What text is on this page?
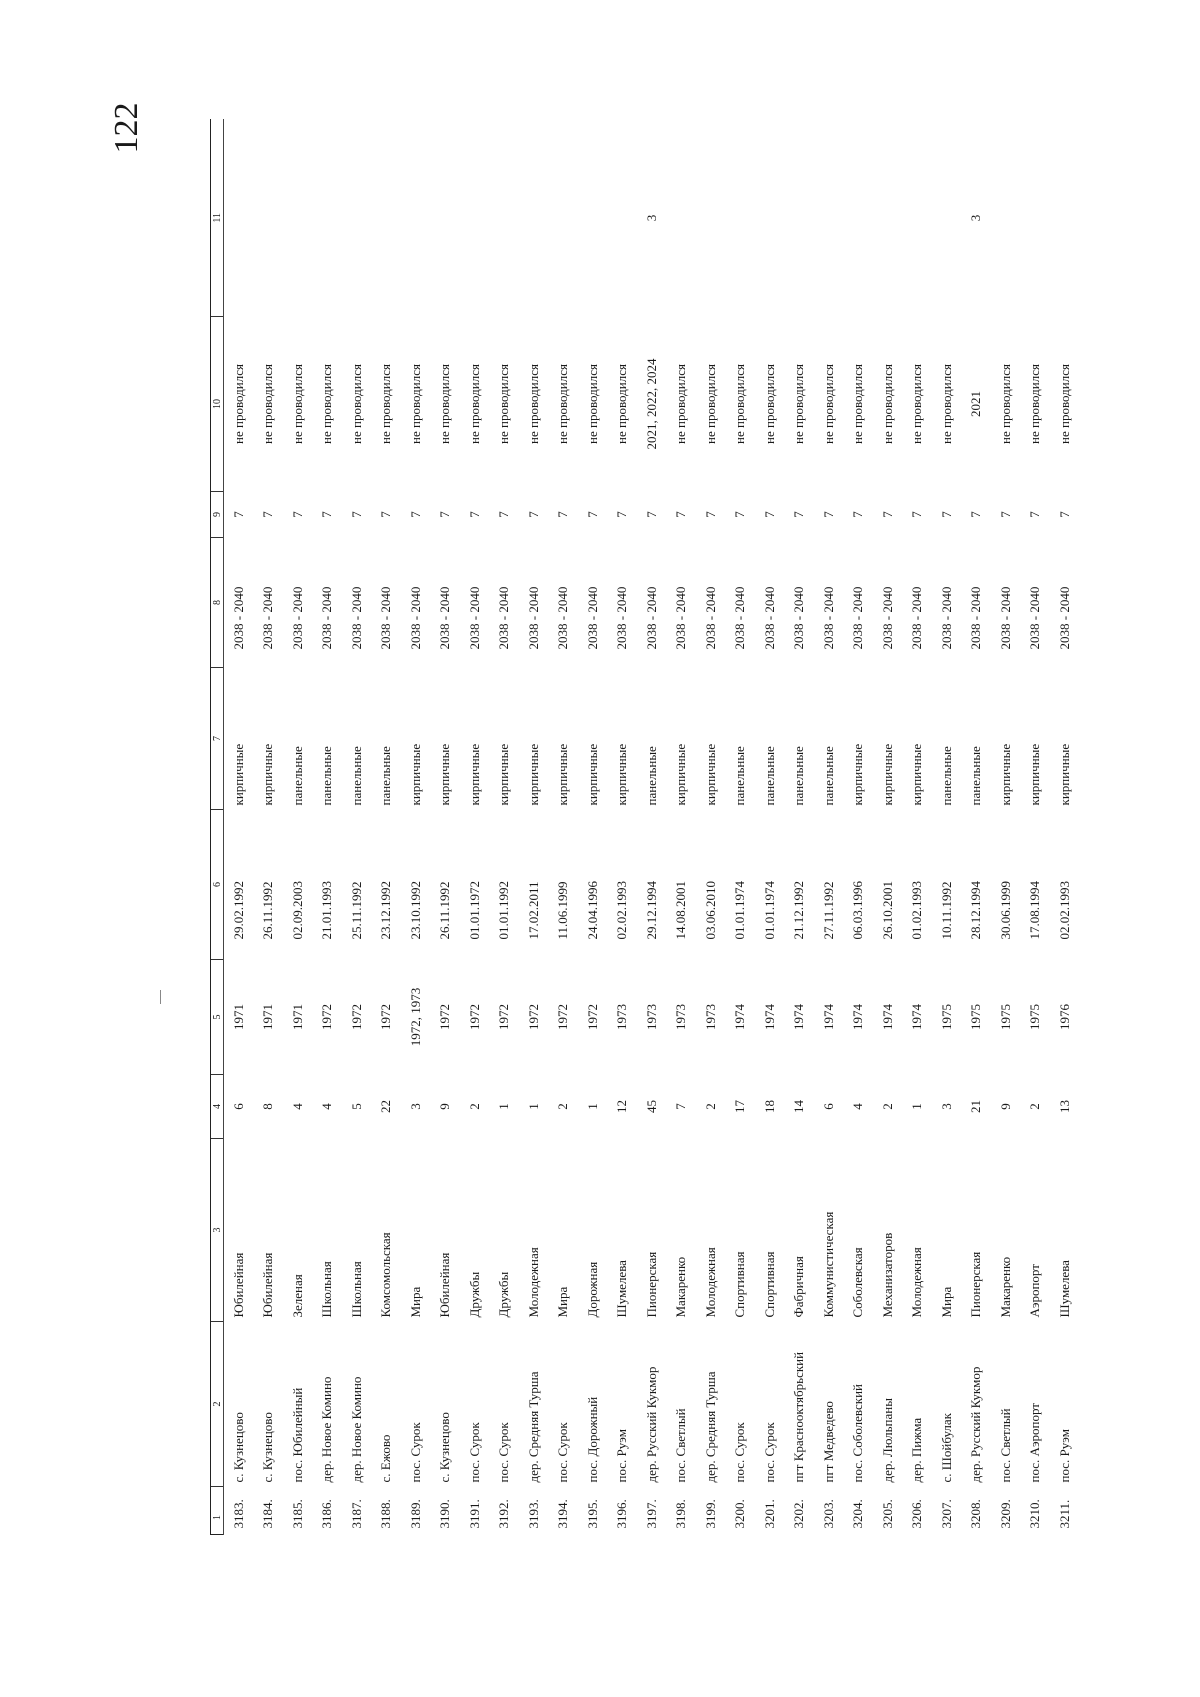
122
1	2	3	4	5	6	7	8	9	10	11
3183.	с. Кузнецово	Юбилейная	6	1971	29.02.1992	кирпичные	2038 - 2040	7	не проводился	
3184.	с. Кузнецово	Юбилейная	8	1971	26.11.1992	кирпичные	2038 - 2040	7	не проводился	
3185.	пос. Юбилейный	Зеленая	4	1971	02.09.2003	панельные	2038 - 2040	7	не проводился	
3186.	дер. Новое Комино	Школьная	4	1972	21.01.1993	панельные	2038 - 2040	7	не проводился	
3187.	дер. Новое Комино	Школьная	5	1972	25.11.1992	панельные	2038 - 2040	7	не проводился	
3188.	с. Ежово	Комсомольская	22	1972	23.12.1992	панельные	2038 - 2040	7	не проводился	
3189.	пос. Сурок	Мира	3	1972, 1973	23.10.1992	кирпичные	2038 - 2040	7	не проводился	
3190.	с. Кузнецово	Юбилейная	9	1972	26.11.1992	кирпичные	2038 - 2040	7	не проводился	
3191.	пос. Сурок	Дружбы	2	1972	01.01.1972	кирпичные	2038 - 2040	7	не проводился	
3192.	пос. Сурок	Дружбы	1	1972	01.01.1992	кирпичные	2038 - 2040	7	не проводился	
3193.	дер. Средняя Турша	Молодежная	1	1972	17.02.2011	кирпичные	2038 - 2040	7	не проводился	
3194.	пос. Сурок	Мира	2	1972	11.06.1999	кирпичные	2038 - 2040	7	не проводился	
3195.	пос. Дорожный	Дорожная	1	1972	24.04.1996	кирпичные	2038 - 2040	7	не проводился	
3196.	пос. Руэм	Шумелева	12	1973	02.02.1993	кирпичные	2038 - 2040	7	не проводился	
3197.	дер. Русский Кукмор	Пионерская	45	1973	29.12.1994	панельные	2038 - 2040	7	2021, 2022, 2024	3
3198.	пос. Светлый	Макаренко	7	1973	14.08.2001	кирпичные	2038 - 2040	7	не проводился	
3199.	дер. Средняя Турша	Молодежная	2	1973	03.06.2010	кирпичные	2038 - 2040	7	не проводился	
3200.	пос. Сурок	Спортивная	17	1974	01.01.1974	панельные	2038 - 2040	7	не проводился	
3201.	пос. Сурок	Спортивная	18	1974	01.01.1974	панельные	2038 - 2040	7	не проводился	
3202.	пгт Краснооктябрьский	Фабричная	14	1974	21.12.1992	панельные	2038 - 2040	7	не проводился	
3203.	пгт Медведево	Коммунистическая	6	1974	27.11.1992	панельные	2038 - 2040	7	не проводился	
3204.	пос. Соболевский	Соболевская	4	1974	06.03.1996	кирпичные	2038 - 2040	7	не проводился	
3205.	дер. Люльпаны	Механизаторов	2	1974	26.10.2001	кирпичные	2038 - 2040	7	не проводился	
3206.	дер. Пижма	Молодежная	1	1974	01.02.1993	кирпичные	2038 - 2040	7	не проводился	
3207.	с. Шойбулак	Мира	3	1975	10.11.1992	панельные	2038 - 2040	7	не проводился	
3208.	дер. Русский Кукмор	Пионерская	21	1975	28.12.1994	панельные	2038 - 2040	7	2021	3
3209.	пос. Светлый	Макаренко	9	1975	30.06.1999	кирпичные	2038 - 2040	7	не проводился	
3210.	пос. Аэропорт	Аэропорт	2	1975	17.08.1994	кирпичные	2038 - 2040	7	не проводился	
3211.	пос. Руэм	Шумелева	13	1976	02.02.1993	кирпичные	2038 - 2040	7	не проводился	
